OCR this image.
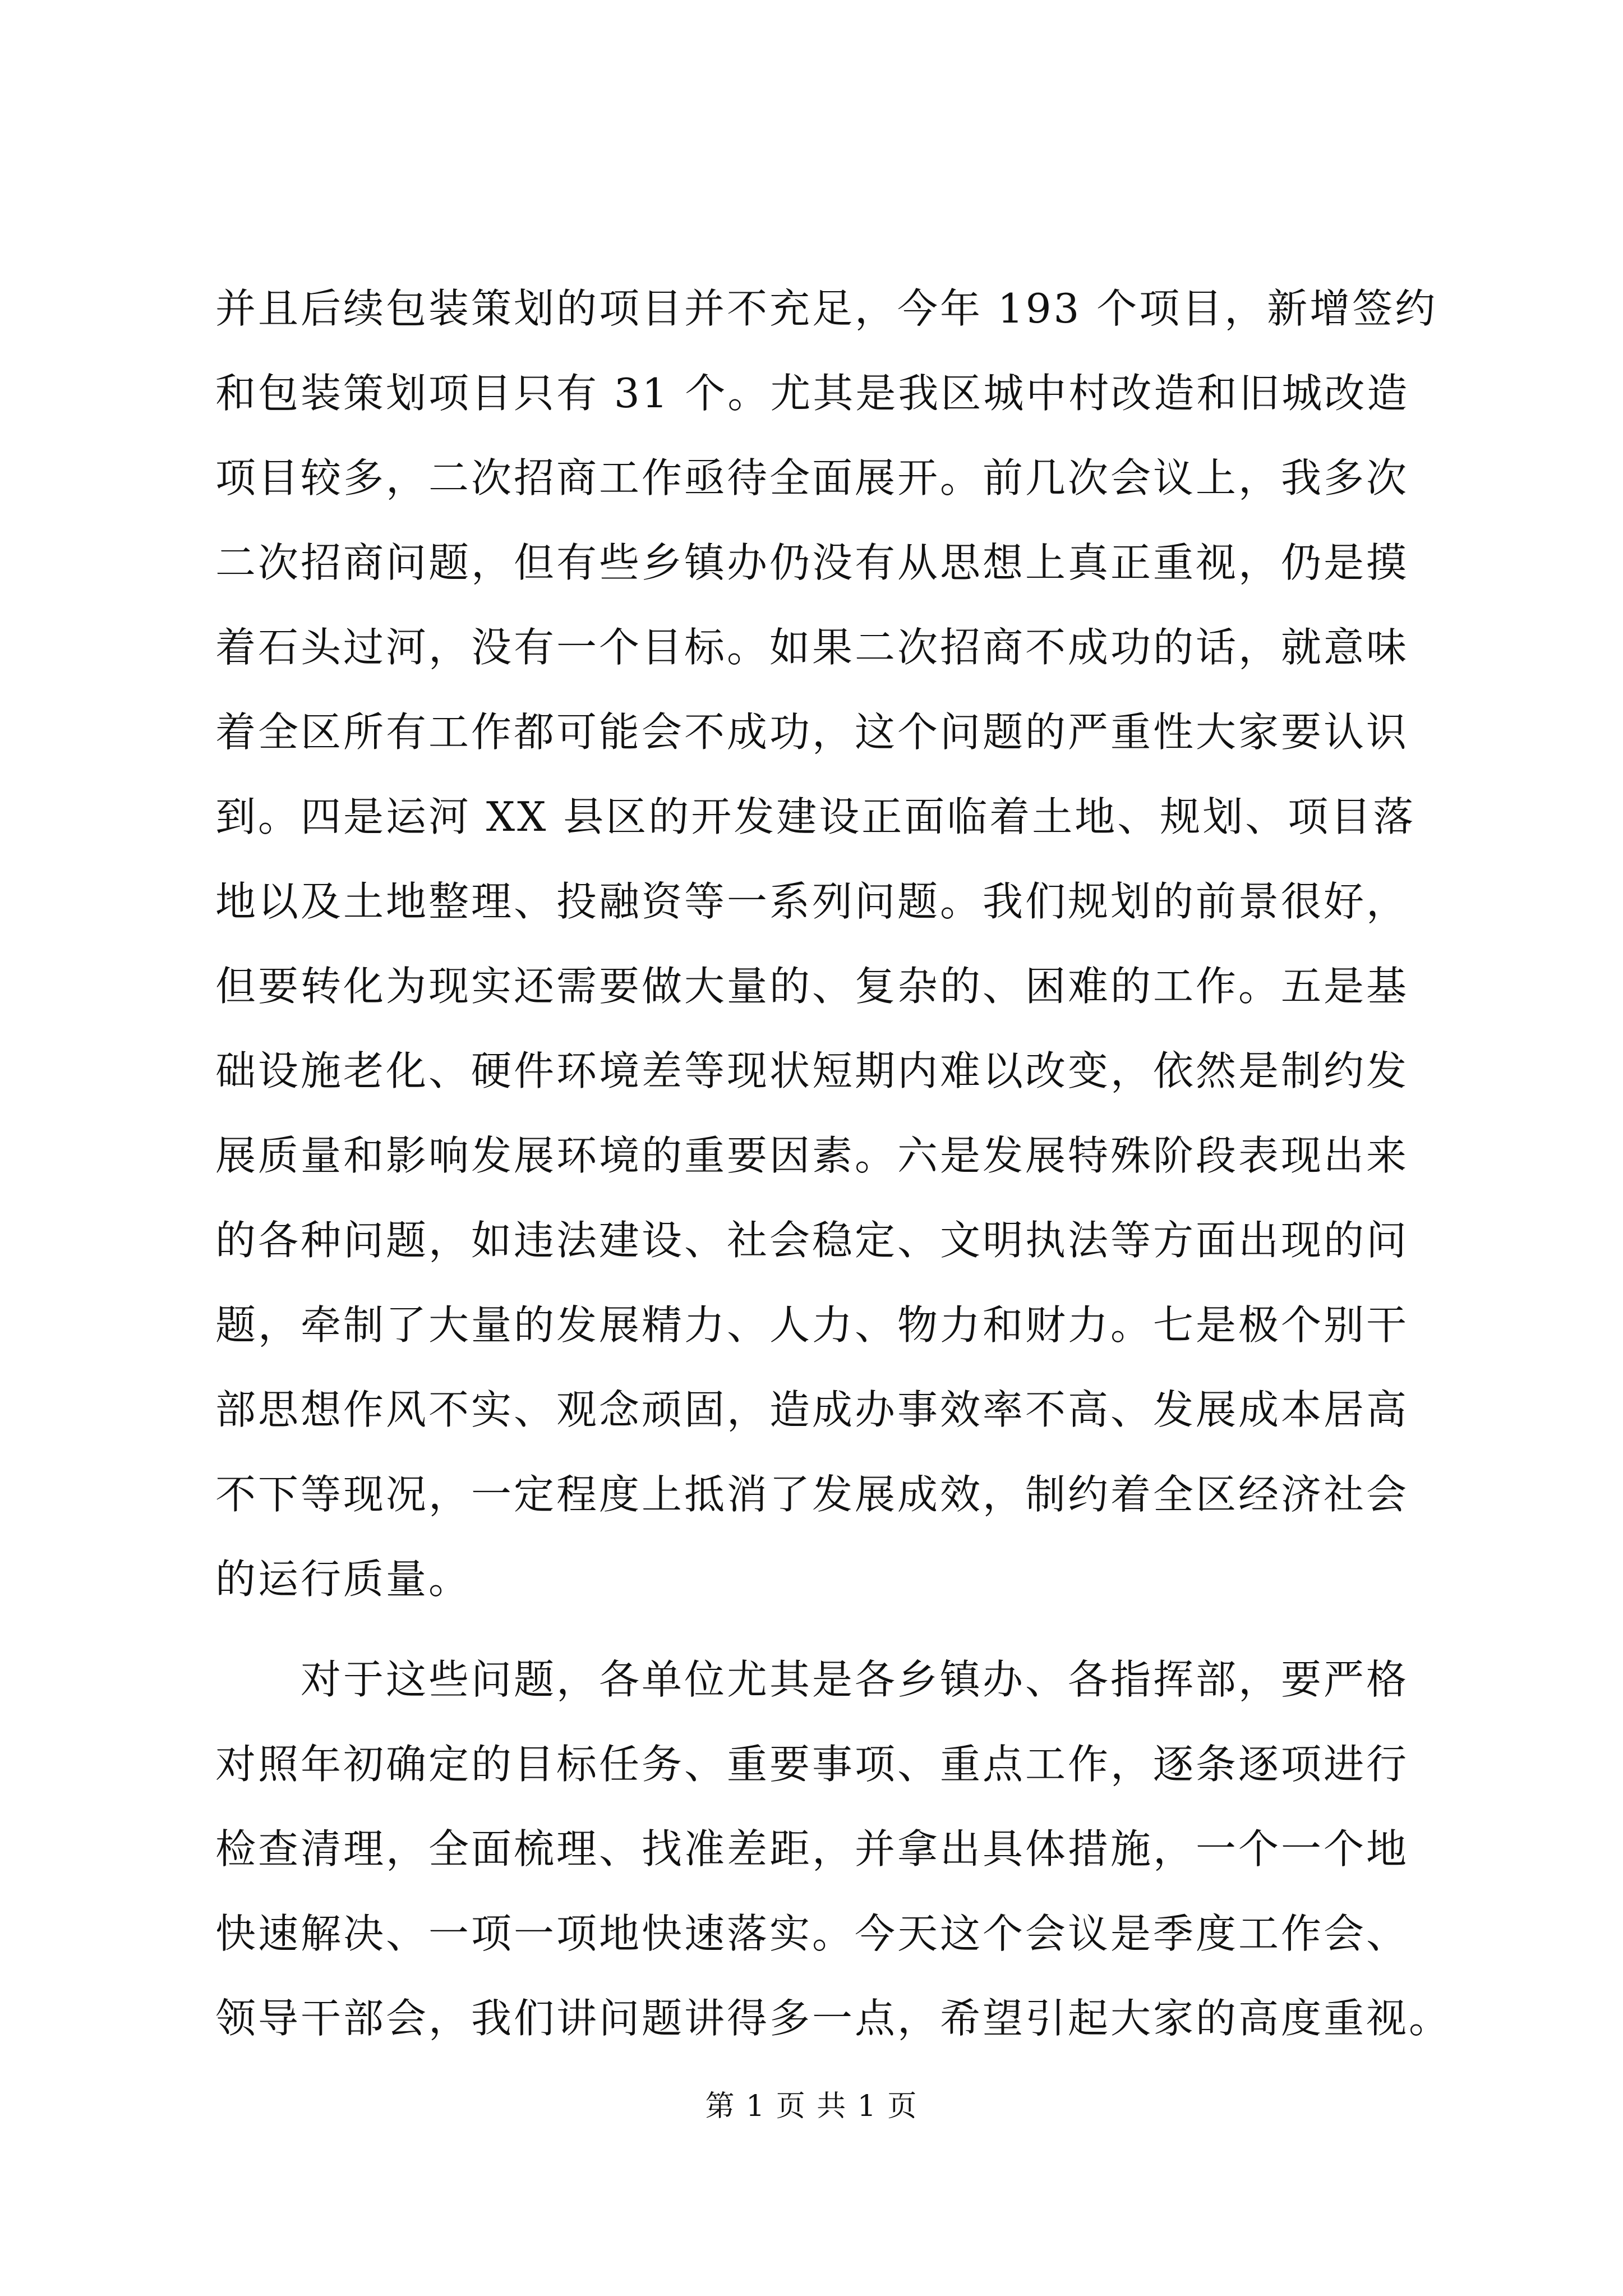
并且后续包装策划的项目并不充足，今年 193 个项目，新增签约
和包装策划项目只有 31 个。尤其是我区城中村改造和旧城改造
项目较多，二次招商工作亟待全面展开。前几次会议上，我多次
二次招商问题，但有些乡镇办仍没有从思想上真正重视，仍是摸
着石头过河，没有一个目标。如果二次招商不成功的话，就意味
着全区所有工作都可能会不成功，这个问题的严重性大家要认识
到。四是运河 XX 县区的开发建设正面临着土地、规划、项目落
地以及土地整理、投融资等一系列问题。我们规划的前景很好，
但要转化为现实还需要做大量的、复杂的、困难的工作。五是基
础设施老化、硬件环境差等现状短期内难以改变，依然是制约发
展质量和影响发展环境的重要因素。六是发展特殊阶段表现出来
的各种问题，如违法建设、社会稳定、文明执法等方面出现的问
题，牵制了大量的发展精力、人力、物力和财力。七是极个别干
部思想作风不实、观念顽固，造成办事效率不高、发展成本居高
不下等现况，一定程度上抵消了发展成效，制约着全区经济社会
的运行质量。
　　对于这些问题，各单位尤其是各乡镇办、各指挥部，要严格
对照年初确定的目标任务、重要事项、重点工作，逐条逐项进行
检查清理，全面梳理、找准差距，并拿出具体措施，一个一个地
快速解决、一项一项地快速落实。今天这个会议是季度工作会、
领导干部会，我们讲问题讲得多一点，希望引起大家的高度重视。
第 1 页 共 1 页
